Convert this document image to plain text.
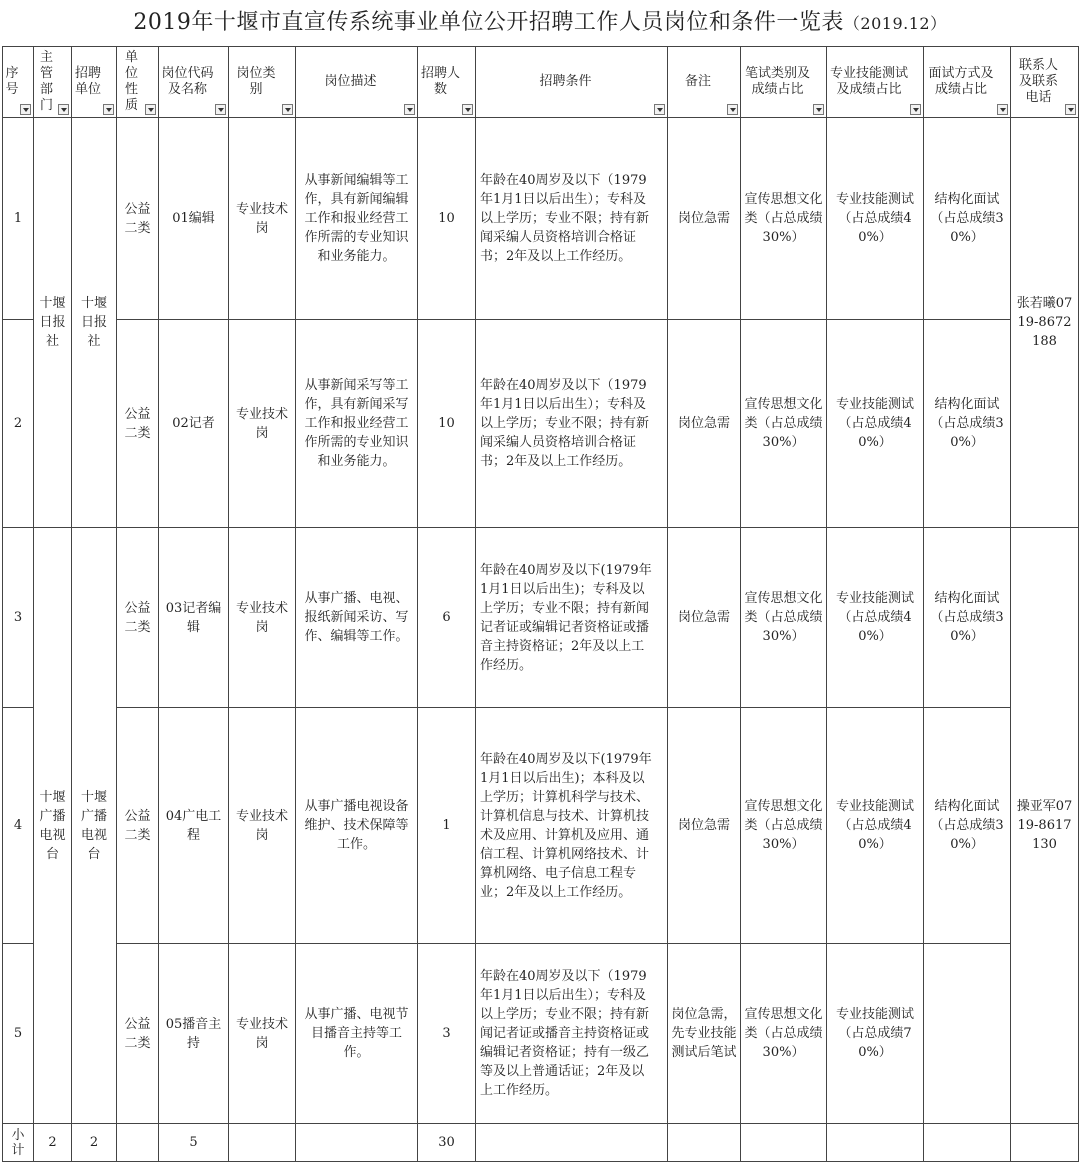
2019年十堰市直宣传系统事业单位公开招聘工作人员岗位和条件一览表（2019.12）
序号	主管部门	招聘单位	单位性质	岗位代码及名称	岗位类别	岗位描述	招聘人数	招聘条件	备注	笔试类别及成绩占比	专业技能测试及成绩占比	面试方式及成绩占比	联系人及联系电话

1	十堰日报社	十堰日报社	公益二类	01编辑	专业技术岗	从事新闻编辑等工作，具有新闻编辑工作和报业经营工作所需的专业知识和业务能力。	10	年龄在40周岁及以下（1979年1月1日以后出生）；专科及以上学历；专业不限；持有新闻采编人员资格培训合格证书；2年及以上工作经历。	岗位急需	宣传思想文化类（占总成绩30%）	专业技能测试（占总成绩40%）	结构化面试（占总成绩30%）	张若曦0719-8672188
2			公益二类	02记者	专业技术岗	从事新闻采写等工作，具有新闻采写工作和报业经营工作所需的专业知识和业务能力。	10	年龄在40周岁及以下（1979年1月1日以后出生）；专科及以上学历；专业不限；持有新闻采编人员资格培训合格证书；2年及以上工作经历。	岗位急需	宣传思想文化类（占总成绩30%）	专业技能测试（占总成绩40%）	结构化面试（占总成绩30%）	
3	十堰广播电视台	十堰广播电视台	公益二类	03记者编辑	专业技术岗	从事广播、电视、报纸新闻采访、写作、编辑等工作。	6	年龄在40周岁及以下(1979年1月1日以后出生)；专科及以上学历；专业不限；持有新闻记者证或编辑记者资格证或播音主持资格证；2年及以上工作经历。	岗位急需	宣传思想文化类（占总成绩30%）	专业技能测试（占总成绩40%）	结构化面试（占总成绩30%）	操亚军0719-8617130
4			公益二类	04广电工程	专业技术岗	从事广播电视设备维护、技术保障等工作。	1	年龄在40周岁及以下(1979年1月1日以后出生)；本科及以上学历；计算机科学与技术、计算机信息与技术、计算机技术及应用、计算机及应用、通信工程、计算机网络技术、计算机网络、电子信息工程专业；2年及以上工作经历。	岗位急需	宣传思想文化类（占总成绩30%）	专业技能测试（占总成绩40%）	结构化面试（占总成绩30%）	
5			公益二类	05播音主持	专业技术岗	从事广播、电视节目播音主持等工作。	3	年龄在40周岁及以下（1979年1月1日以后出生）；专科及以上学历；专业不限；持有新闻记者证或播音主持资格证或编辑记者资格证；持有一级乙等及以上普通话证；2年及以上工作经历。	岗位急需，先专业技能测试后笔试	宣传思想文化类（占总成绩30%）	专业技能测试（占总成绩70%）		
小计	2	2		5			30						
